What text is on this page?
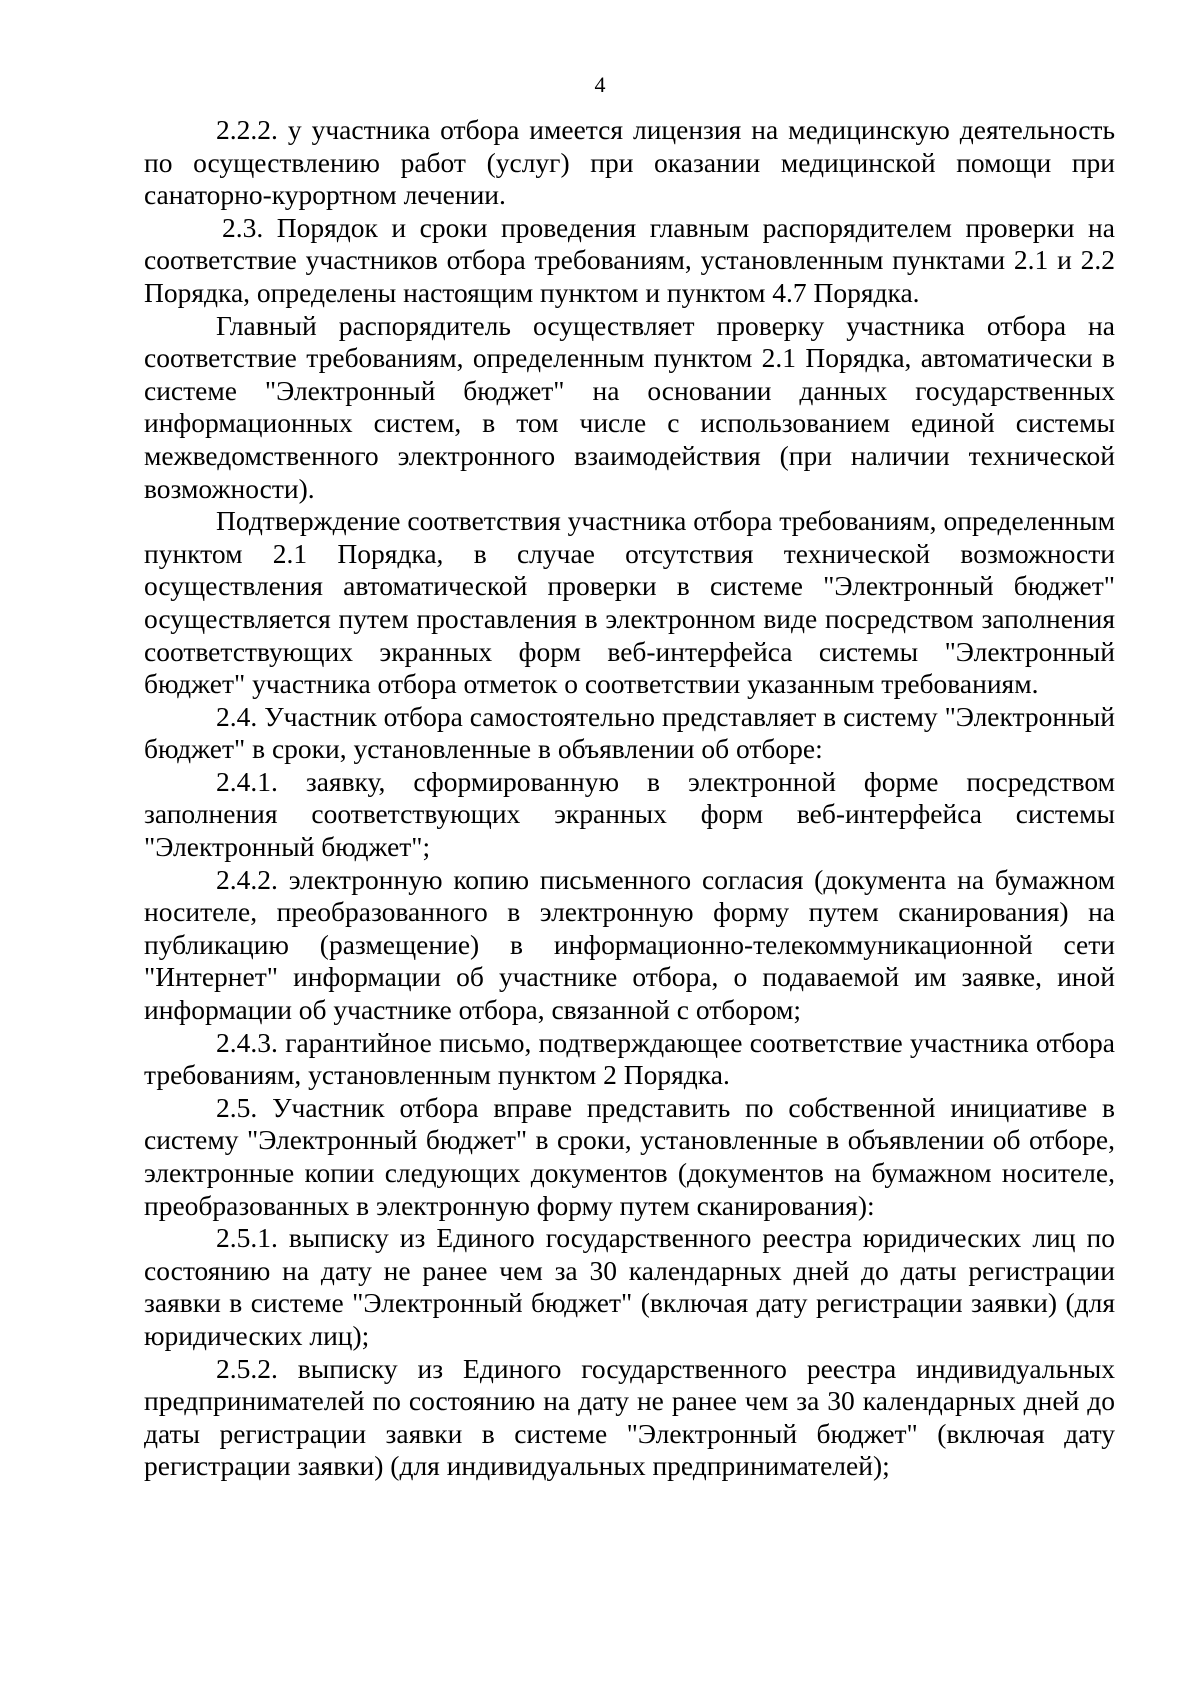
4

2.2.2. у участника отбора имеется лицензия на медицинскую деятельность по осуществлению работ (услуг) при оказании медицинской помощи при санаторно-курортном лечении.

2.3. Порядок и сроки проведения главным распорядителем проверки на соответствие участников отбора требованиям, установленным пунктами 2.1 и 2.2 Порядка, определены настоящим пунктом и пунктом 4.7 Порядка.

Главный распорядитель осуществляет проверку участника отбора на соответствие требованиям, определенным пунктом 2.1 Порядка, автоматически в системе "Электронный бюджет" на основании данных государственных информационных систем, в том числе с использованием единой системы межведомственного электронного взаимодействия (при наличии технической возможности).

Подтверждение соответствия участника отбора требованиям, определенным пунктом 2.1 Порядка, в случае отсутствия технической возможности осуществления автоматической проверки в системе "Электронный бюджет" осуществляется путем проставления в электронном виде посредством заполнения соответствующих экранных форм веб-интерфейса системы "Электронный бюджет" участника отбора отметок о соответствии указанным требованиям.

2.4. Участник отбора самостоятельно представляет в систему "Электронный бюджет" в сроки, установленные в объявлении об отборе:

2.4.1. заявку, сформированную в электронной форме посредством заполнения соответствующих экранных форм веб-интерфейса системы "Электронный бюджет";

2.4.2. электронную копию письменного согласия (документа на бумажном носителе, преобразованного в электронную форму путем сканирования) на публикацию (размещение) в информационно-телекоммуникационной сети "Интернет" информации об участнике отбора, о подаваемой им заявке, иной информации об участнике отбора, связанной с отбором;

2.4.3. гарантийное письмо, подтверждающее соответствие участника отбора требованиям, установленным пунктом 2 Порядка.

2.5. Участник отбора вправе представить по собственной инициативе в систему "Электронный бюджет" в сроки, установленные в объявлении об отборе, электронные копии следующих документов (документов на бумажном носителе, преобразованных в электронную форму путем сканирования):

2.5.1. выписку из Единого государственного реестра юридических лиц по состоянию на дату не ранее чем за 30 календарных дней до даты регистрации заявки в системе "Электронный бюджет" (включая дату регистрации заявки) (для юридических лиц);

2.5.2. выписку из Единого государственного реестра индивидуальных предпринимателей по состоянию на дату не ранее чем за 30 календарных дней до даты регистрации заявки в системе "Электронный бюджет" (включая дату регистрации заявки) (для индивидуальных предпринимателей);
